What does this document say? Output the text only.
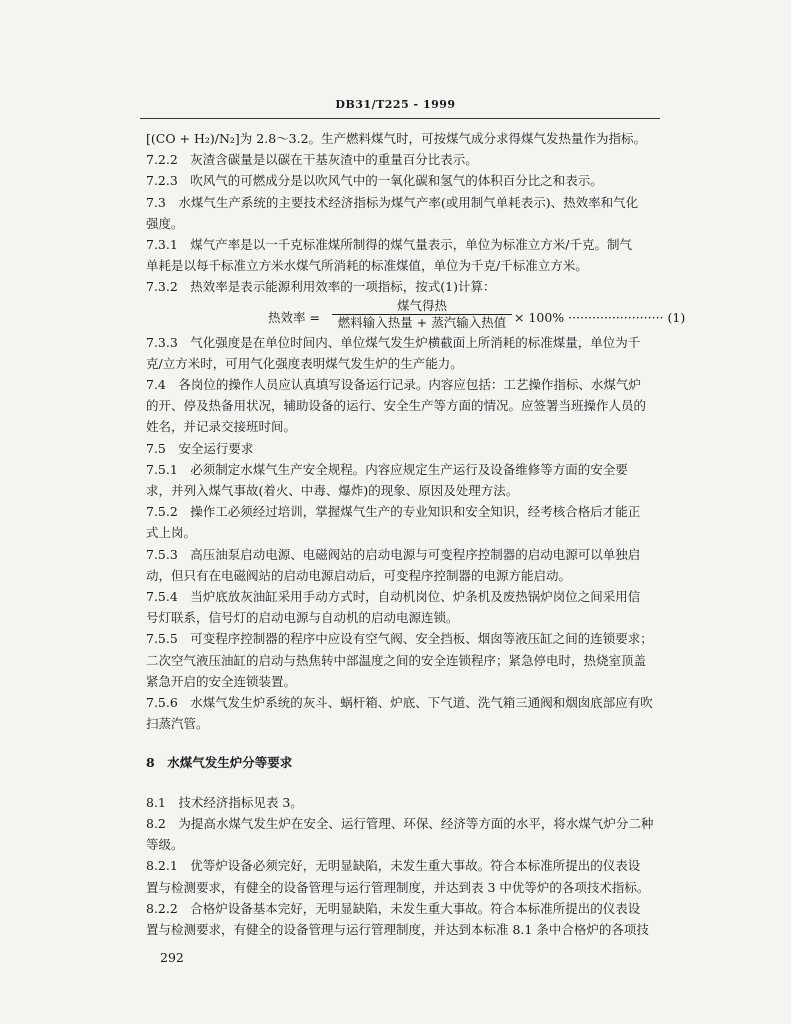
DB31/T225 - 1999

[(CO + H₂)/N₂]为 2.8～3.2。生产燃料煤气时，可按煤气成分求得煤气发热量作为指标。

7.2.2　灰渣含碳量是以碳在干基灰渣中的重量百分比表示。

7.2.3　吹风气的可燃成分是以吹风气中的一氧化碳和氢气的体积百分比之和表示。

7.3　水煤气生产系统的主要技术经济指标为煤气产率(或用制气单耗表示)、热效率和气化

强度。

7.3.1　煤气产率是以一千克标准煤所制得的煤气量表示，单位为标准立方米/千克。制气

单耗是以每千标准立方米水煤气所消耗的标准煤值，单位为千克/千标准立方米。

7.3.2　热效率是表示能源利用效率的一项指标，按式(1)计算：

热效率 =
煤气得热
燃料输入热量 + 蒸汽输入热值 × 100% ························ (1)

7.3.3　气化强度是在单位时间内、单位煤气发生炉横截面上所消耗的标准煤量，单位为千

克/立方米时，可用气化强度表明煤气发生炉的生产能力。

7.4　各岗位的操作人员应认真填写设备运行记录。内容应包括：工艺操作指标、水煤气炉

的开、停及热备用状况，辅助设备的运行、安全生产等方面的情况。应签署当班操作人员的

姓名，并记录交接班时间。

7.5　安全运行要求

7.5.1　必须制定水煤气生产安全规程。内容应规定生产运行及设备维修等方面的安全要

求，并列入煤气事故(着火、中毒、爆炸)的现象、原因及处理方法。

7.5.2　操作工必须经过培训，掌握煤气生产的专业知识和安全知识，经考核合格后才能正

式上岗。

7.5.3　高压油泵启动电源、电磁阀站的启动电源与可变程序控制器的启动电源可以单独启

动，但只有在电磁阀站的启动电源启动后，可变程序控制器的电源方能启动。

7.5.4　当炉底放灰油缸采用手动方式时，自动机岗位、炉条机及废热锅炉岗位之间采用信

号灯联系，信号灯的启动电源与自动机的启动电源连锁。

7.5.5　可变程序控制器的程序中应设有空气阀、安全挡板、烟囱等液压缸之间的连锁要求；

二次空气液压油缸的启动与热焦转中部温度之间的安全连锁程序；紧急停电时，热烧室顶盖

紧急开启的安全连锁装置。

7.5.6　水煤气发生炉系统的灰斗、蜗杆箱、炉底、下气道、洗气箱三通阀和烟囱底部应有吹

扫蒸汽管。

8　水煤气发生炉分等要求

8.1　技术经济指标见表 3。

8.2　为提高水煤气发生炉在安全、运行管理、环保、经济等方面的水平，将水煤气炉分二种

等级。

8.2.1　优等炉设备必须完好，无明显缺陷，未发生重大事故。符合本标准所提出的仪表设

置与检测要求，有健全的设备管理与运行管理制度，并达到表 3 中优等炉的各项技术指标。

8.2.2　合格炉设备基本完好，无明显缺陷，未发生重大事故。符合本标准所提出的仪表设

置与检测要求，有健全的设备管理与运行管理制度，并达到本标准 8.1 条中合格炉的各项技

292
